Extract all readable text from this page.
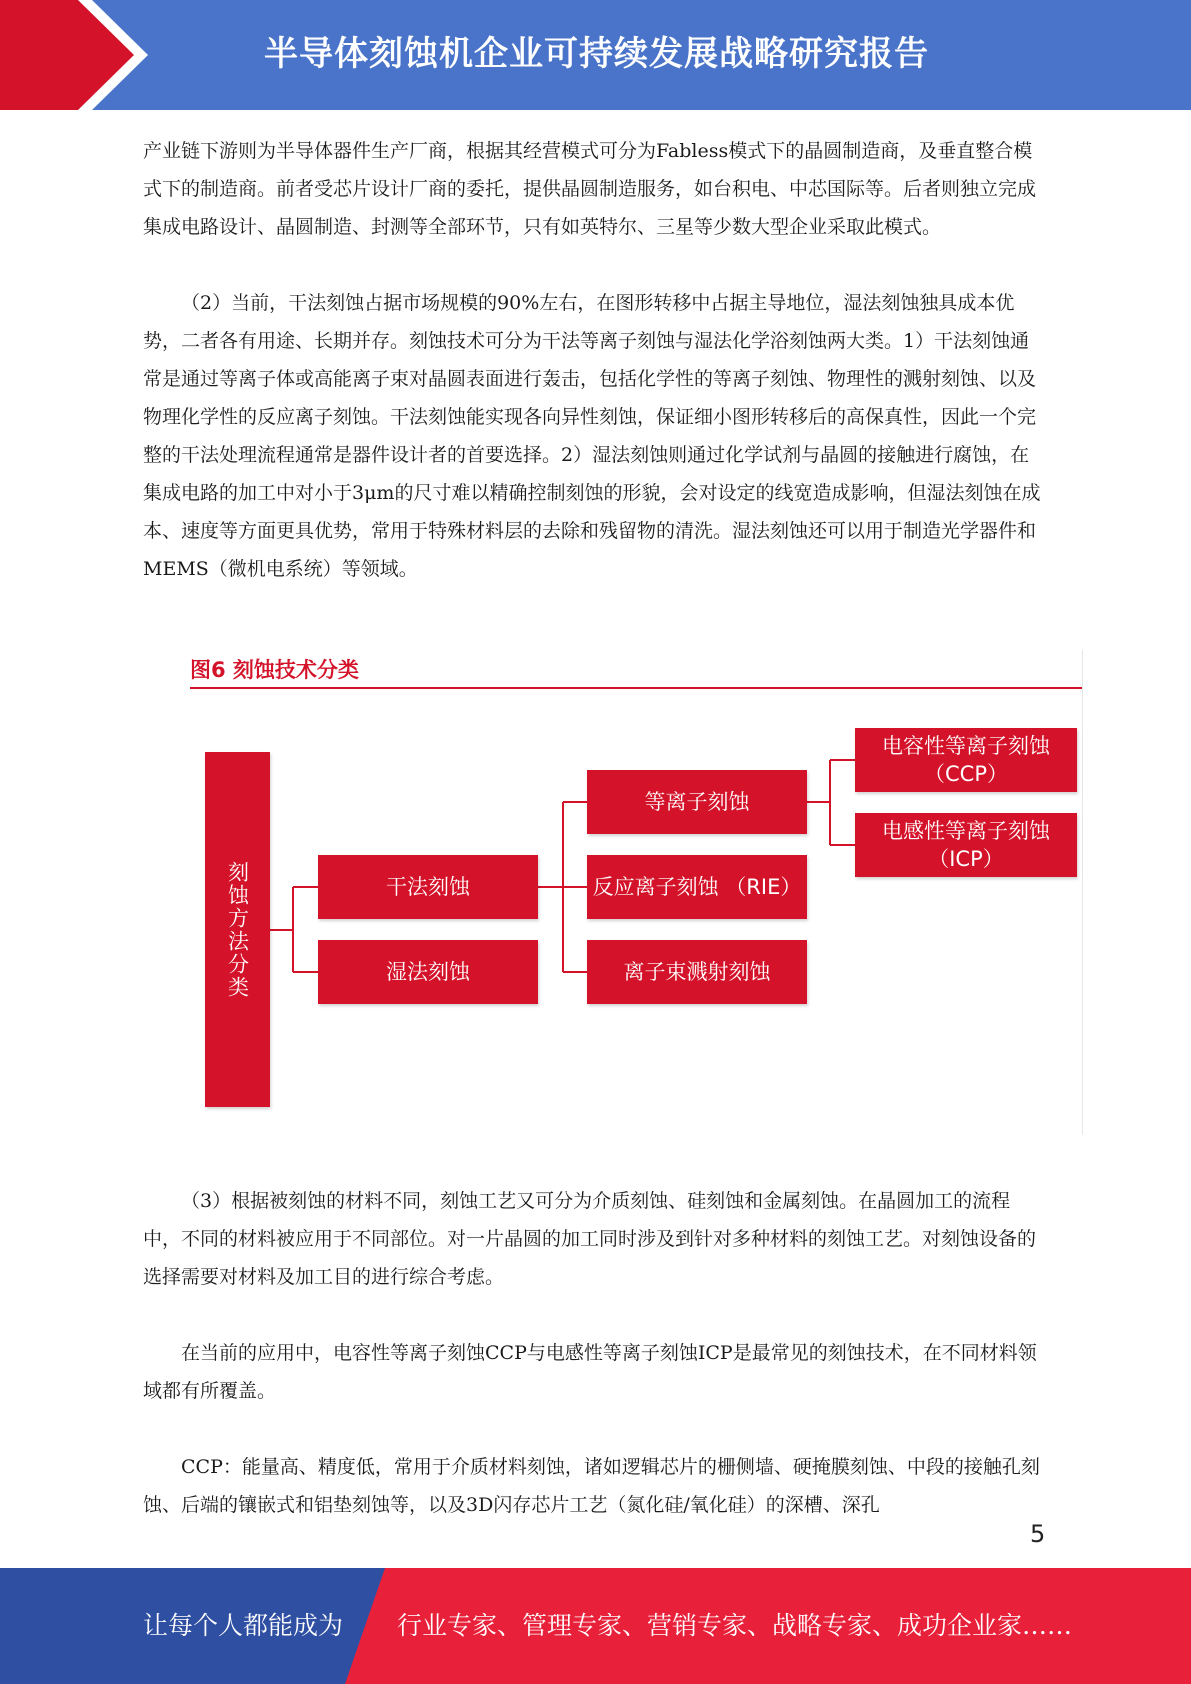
半导体刻蚀机企业可持续发展战略研究报告

产业链下游则为半导体器件生产厂商，根据其经营模式可分为Fabless模式下的晶圆制造商，及垂直整合模式下的制造商。前者受芯片设计厂商的委托，提供晶圆制造服务，如台积电、中芯国际等。后者则独立完成集成电路设计、晶圆制造、封测等全部环节，只有如英特尔、三星等少数大型企业采取此模式。

（2）当前，干法刻蚀占据市场规模的90%左右，在图形转移中占据主导地位，湿法刻蚀独具成本优势，二者各有用途、长期并存。刻蚀技术可分为干法等离子刻蚀与湿法化学浴刻蚀两大类。1）干法刻蚀通常是通过等离子体或高能离子束对晶圆表面进行轰击，包括化学性的等离子刻蚀、物理性的溅射刻蚀、以及物理化学性的反应离子刻蚀。干法刻蚀能实现各向异性刻蚀，保证细小图形转移后的高保真性，因此一个完整的干法处理流程通常是器件设计者的首要选择。2）湿法刻蚀则通过化学试剂与晶圆的接触进行腐蚀，在集成电路的加工中对小于3μm的尺寸难以精确控制刻蚀的形貌，会对设定的线宽造成影响，但湿法刻蚀在成本、速度等方面更具优势，常用于特殊材料层的去除和残留物的清洗。湿法刻蚀还可以用于制造光学器件和MEMS（微机电系统）等领域。

图6 刻蚀技术分类
刻蚀方法分类	干法刻蚀
湿法刻蚀
等离子刻蚀
反应离子刻蚀 （RIE）
离子束溅射刻蚀
电容性等离子刻蚀
（CCP）
电感性等离子刻蚀
（ICP）

（3）根据被刻蚀的材料不同，刻蚀工艺又可分为介质刻蚀、硅刻蚀和金属刻蚀。在晶圆加工的流程中，不同的材料被应用于不同部位。对一片晶圆的加工同时涉及到针对多种材料的刻蚀工艺。对刻蚀设备的选择需要对材料及加工目的进行综合考虑。

在当前的应用中，电容性等离子刻蚀CCP与电感性等离子刻蚀ICP是最常见的刻蚀技术，在不同材料领域都有所覆盖。

CCP：能量高、精度低，常用于介质材料刻蚀，诸如逻辑芯片的栅侧墙、硬掩膜刻蚀、中段的接触孔刻蚀、后端的镶嵌式和铝垫刻蚀等，以及3D闪存芯片工艺（氮化硅/氧化硅）的深槽、深孔

5
让每个人都能成为 行业专家、管理专家、营销专家、战略专家、成功企业家……
